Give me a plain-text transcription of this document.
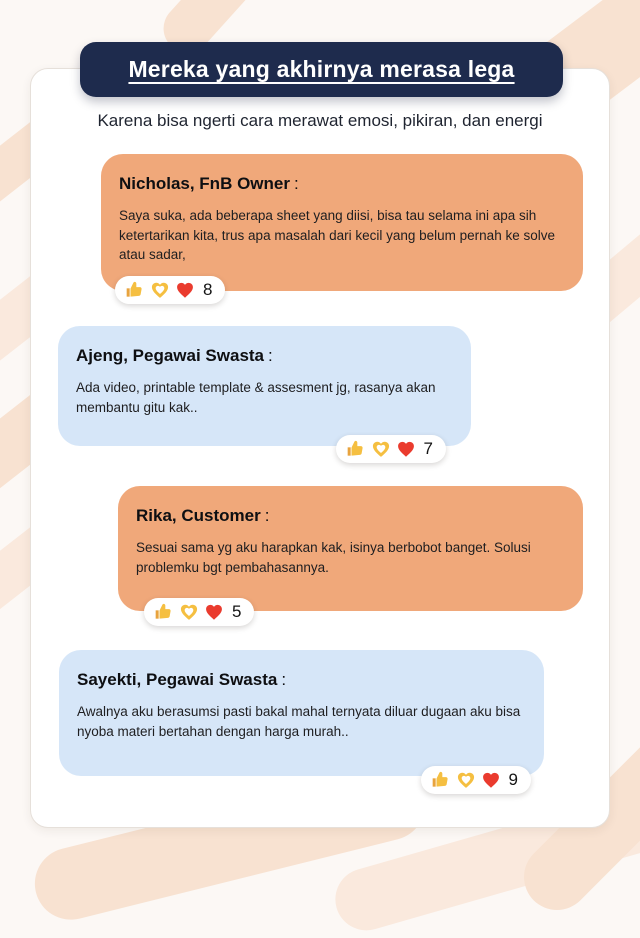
Karena bisa ngerti cara merawat emosi, pikiran, dan energi
Nicholas, FnB Owner :
Saya suka, ada beberapa sheet yang diisi, bisa tau selama ini apa sih ketertarikan kita, trus apa masalah dari kecil yang belum pernah ke solve atau sadar,
8
Ajeng, Pegawai Swasta :
Ada video, printable template & assesment jg, rasanya akan membantu gitu kak..
7
Rika, Customer :
Sesuai sama yg aku harapkan kak, isinya berbobot banget. Solusi problemku bgt pembahasannya.
5
Sayekti, Pegawai Swasta :
Awalnya aku berasumsi pasti bakal mahal ternyata diluar dugaan aku bisa nyoba materi bertahan dengan harga murah..
9
Mereka yang akhirnya merasa lega
